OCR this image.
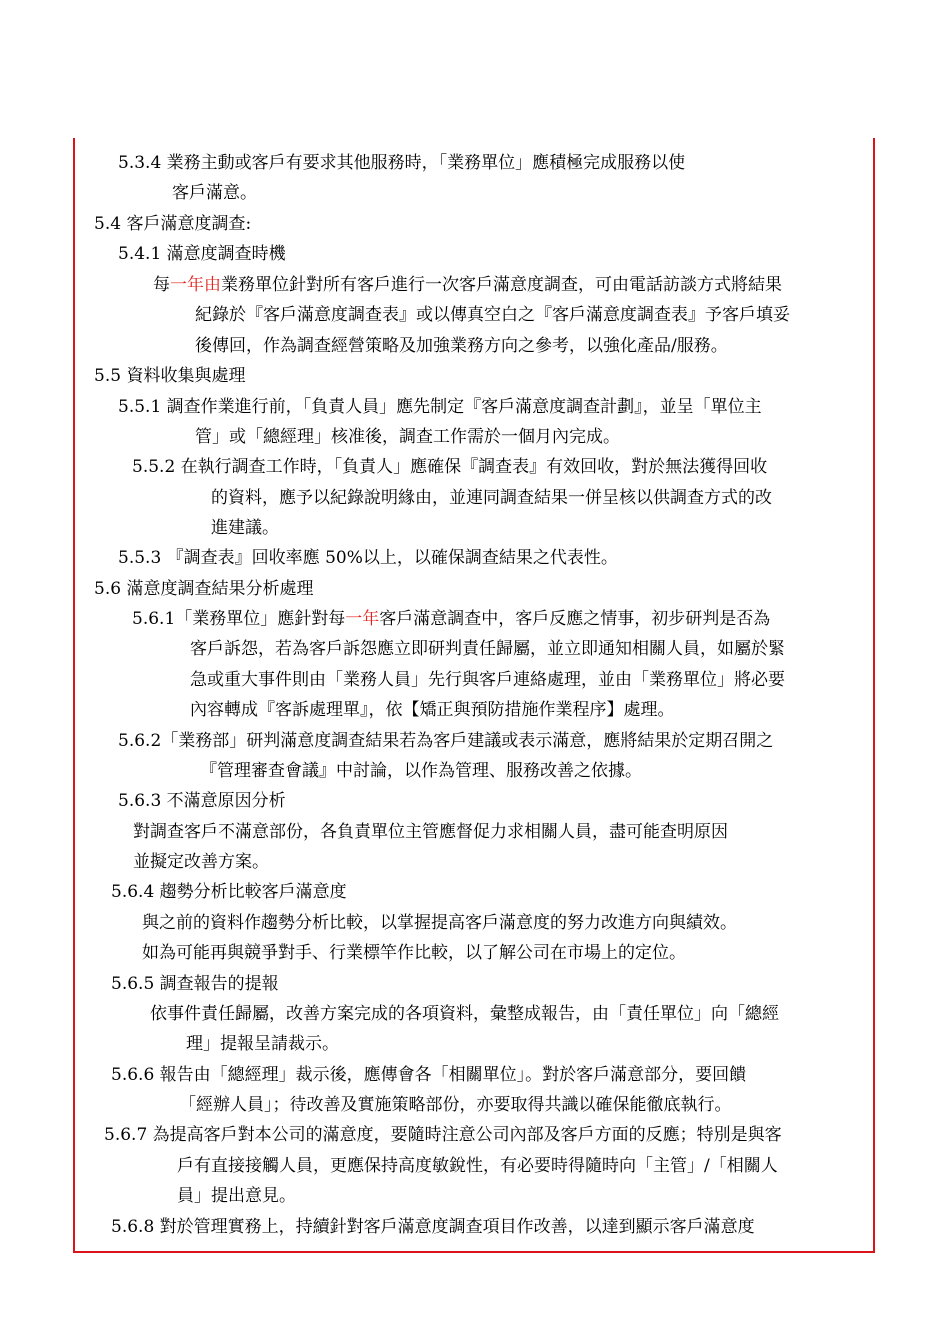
5.3.4 業務主動或客戶有要求其他服務時，「業務單位」應積極完成服務以使
客戶滿意。
5.4 客戶滿意度調查:
5.4.1 滿意度調查時機
每一年由業務單位針對所有客戶進行一次客戶滿意度調查，可由電話訪談方式將結果
紀錄於『客戶滿意度調查表』或以傳真空白之『客戶滿意度調查表』予客戶填妥
後傳回，作為調查經營策略及加強業務方向之參考，以強化產品/服務。
5.5 資料收集與處理
5.5.1 調查作業進行前，「負責人員」應先制定『客戶滿意度調查計劃』，並呈「單位主
管」或「總經理」核准後，調查工作需於一個月內完成。
5.5.2 在執行調查工作時，「負責人」應確保『調查表』有效回收，對於無法獲得回收
的資料，應予以紀錄說明緣由，並連同調查結果一併呈核以供調查方式的改
進建議。
5.5.3 『調查表』回收率應 50%以上，以確保調查結果之代表性。
5.6 滿意度調查結果分析處理
5.6.1「業務單位」應針對每一年客戶滿意調查中，客戶反應之情事，初步研判是否為
客戶訴怨，若為客戶訴怨應立即研判責任歸屬，並立即通知相關人員，如屬於緊
急或重大事件則由「業務人員」先行與客戶連絡處理，並由「業務單位」將必要
內容轉成『客訴處理單』，依【矯正與預防措施作業程序】處理。
5.6.2「業務部」研判滿意度調查結果若為客戶建議或表示滿意，應將結果於定期召開之
『管理審查會議』中討論，以作為管理、服務改善之依據。
5.6.3 不滿意原因分析
對調查客戶不滿意部份，各負責單位主管應督促力求相關人員，盡可能查明原因
並擬定改善方案。
5.6.4 趨勢分析比較客戶滿意度
與之前的資料作趨勢分析比較，以掌握提高客戶滿意度的努力改進方向與績效。
如為可能再與競爭對手、行業標竿作比較，以了解公司在市場上的定位。
5.6.5 調查報告的提報
依事件責任歸屬，改善方案完成的各項資料，彙整成報告，由「責任單位」向「總經
理」提報呈請裁示。
5.6.6 報告由「總經理」裁示後，應傳會各「相關單位」。對於客戶滿意部分，要回饋
「經辦人員」；待改善及實施策略部份，亦要取得共識以確保能徹底執行。
5.6.7 為提高客戶對本公司的滿意度，要隨時注意公司內部及客戶方面的反應；特別是與客
戶有直接接觸人員，更應保持高度敏銳性，有必要時得隨時向「主管」/「相關人
員」提出意見。
5.6.8 對於管理實務上，持續針對客戶滿意度調查項目作改善，以達到顯示客戶滿意度
